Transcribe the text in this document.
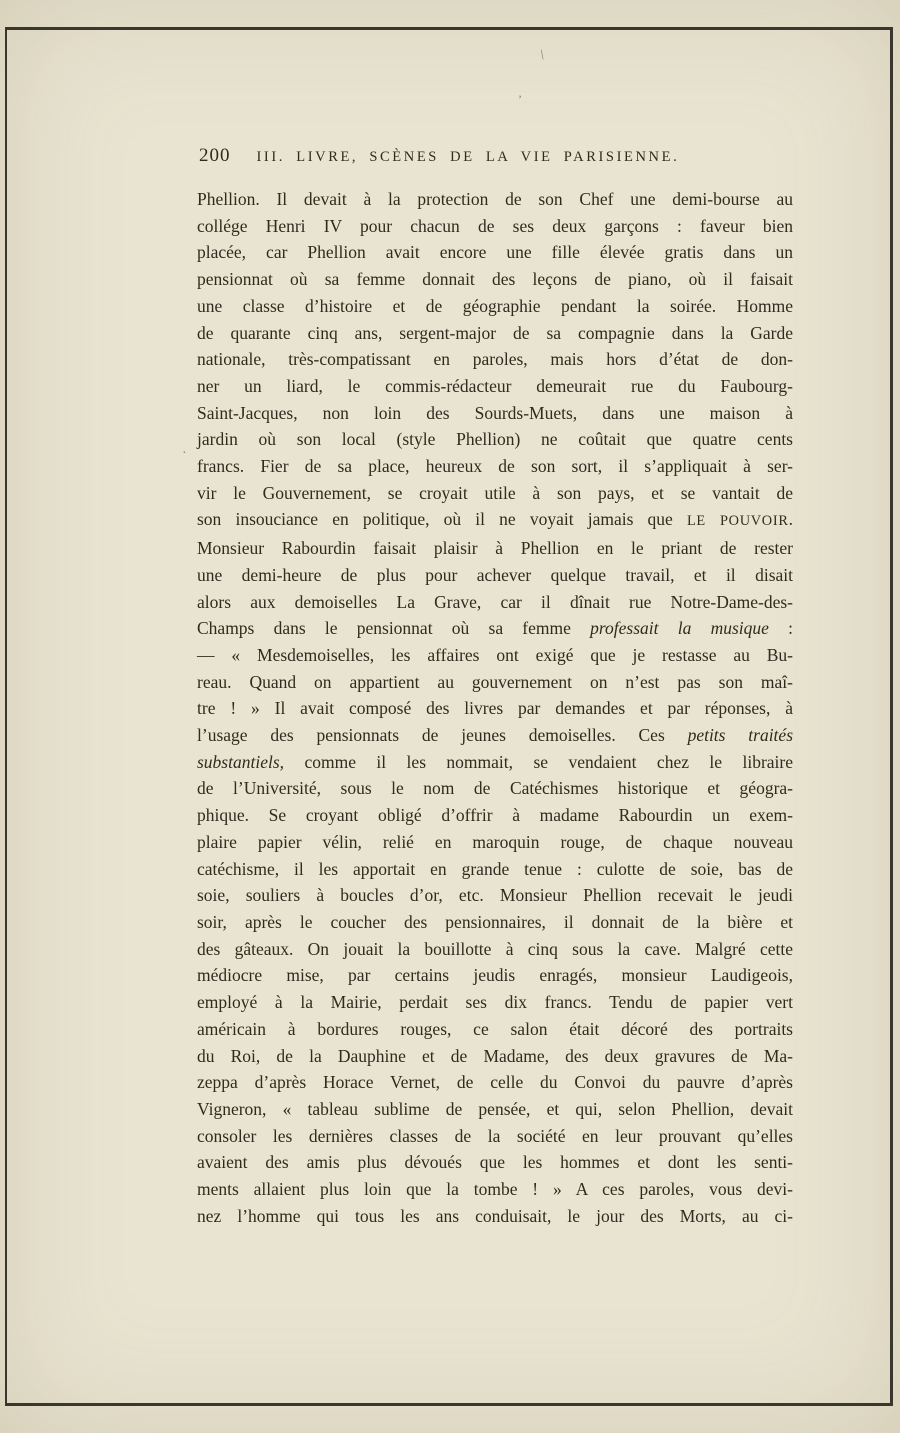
200 III. LIVRE, SCÈNES DE LA VIE PARISIENNE.
Phellion. Il devait à la protection de son Chef une demi-bourse au
collége Henri IV pour chacun de ses deux garçons : faveur bien
placée, car Phellion avait encore une fille élevée gratis dans un
pensionnat où sa femme donnait des leçons de piano, où il faisait
une classe d’histoire et de géographie pendant la soirée. Homme
de quarante cinq ans, sergent-major de sa compagnie dans la Garde
nationale, très-compatissant en paroles, mais hors d’état de don-
ner un liard, le commis-rédacteur demeurait rue du Faubourg-
Saint-Jacques, non loin des Sourds-Muets, dans une maison à
jardin où son local (style Phellion) ne coûtait que quatre cents
francs. Fier de sa place, heureux de son sort, il s’appliquait à ser-
vir le Gouvernement, se croyait utile à son pays, et se vantait de
son insouciance en politique, où il ne voyait jamais que LE POUVOIR.
Monsieur Rabourdin faisait plaisir à Phellion en le priant de rester
une demi-heure de plus pour achever quelque travail, et il disait
alors aux demoiselles La Grave, car il dînait rue Notre-Dame-des-
Champs dans le pensionnat où sa femme professait la musique :
— « Mesdemoiselles, les affaires ont exigé que je restasse au Bu-
reau. Quand on appartient au gouvernement on n’est pas son maî-
tre ! » Il avait composé des livres par demandes et par réponses, à
l’usage des pensionnats de jeunes demoiselles. Ces petits traités
substantiels, comme il les nommait, se vendaient chez le libraire
de l’Université, sous le nom de Catéchismes historique et géogra-
phique. Se croyant obligé d’offrir à madame Rabourdin un exem-
plaire papier vélin, relié en maroquin rouge, de chaque nouveau
catéchisme, il les apportait en grande tenue : culotte de soie, bas de
soie, souliers à boucles d’or, etc. Monsieur Phellion recevait le jeudi
soir, après le coucher des pensionnaires, il donnait de la bière et
des gâteaux. On jouait la bouillotte à cinq sous la cave. Malgré cette
médiocre mise, par certains jeudis enragés, monsieur Laudigeois,
employé à la Mairie, perdait ses dix francs. Tendu de papier vert
américain à bordures rouges, ce salon était décoré des portraits
du Roi, de la Dauphine et de Madame, des deux gravures de Ma-
zeppa d’après Horace Vernet, de celle du Convoi du pauvre d’après
Vigneron, « tableau sublime de pensée, et qui, selon Phellion, devait
consoler les dernières classes de la société en leur prouvant qu’elles
avaient des amis plus dévoués que les hommes et dont les senti-
ments allaient plus loin que la tombe ! » A ces paroles, vous devi-
nez l’homme qui tous les ans conduisait, le jour des Morts, au ci-
\
’
·
